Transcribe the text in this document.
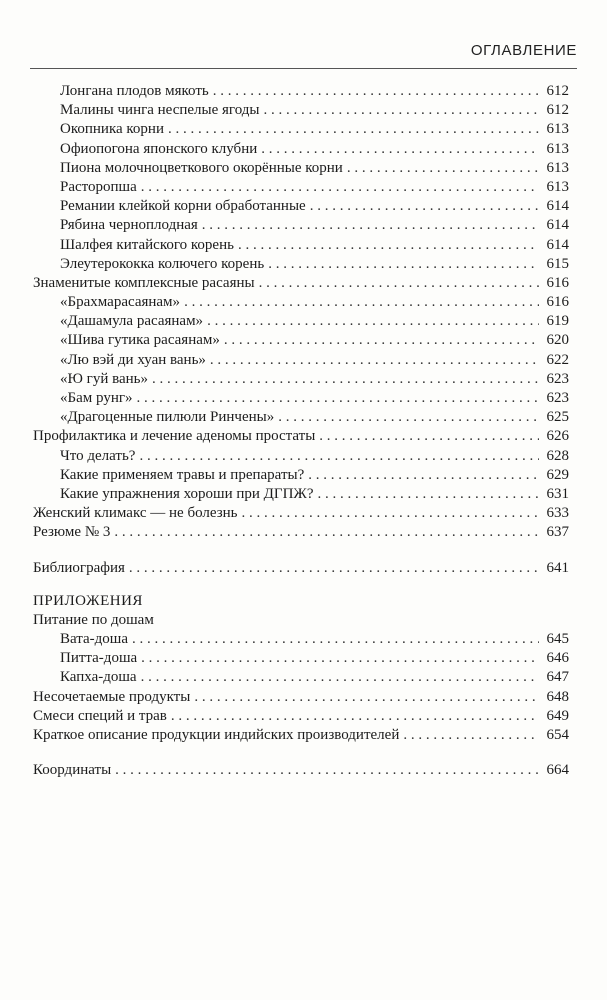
ОГЛАВЛЕНИЕ
Лонгана плодов мякоть . . .	612
Малины чинга неспелые ягоды . . .	612
Окопника корни . . .	613
Офиопогона японского клубни . . .	613
Пиона молочноцветкового окорённые корни . . .	613
Расторопша . . .	613
Ремании клейкой корни обработанные . . .	614
Рябина черноплодная . . .	614
Шалфея китайского корень . . .	614
Элеутерококка колючего корень . . .	615
Знаменитые комплексные расаяны . . .	616
«Брахмарасаянам» . . .	616
«Дашамула расаянам» . . .	619
«Шива гутика расаянам» . . .	620
«Лю вэй ди хуан вань» . . .	622
«Ю гуй вань» . . .	623
«Бам рунг» . . .	623
«Драгоценные пилюли Ринчены» . . .	625
Профилактика и лечение аденомы простаты . . .	626
Что делать? . . .	628
Какие применяем травы и препараты? . . .	629
Какие упражнения хороши при ДГПЖ? . . .	631
Женский климакс — не болезнь . . .	633
Резюме № 3 . . .	637
Библиография . . .	641
ПРИЛОЖЕНИЯ
Питание по дошам
Вата-доша . . .	645
Питта-доша . . .	646
Капха-доша . . .	647
Несочетаемые продукты . . .	648
Смеси специй и трав . . .	649
Краткое описание продукции индийских производителей . . .	654
Координаты . . .	664
